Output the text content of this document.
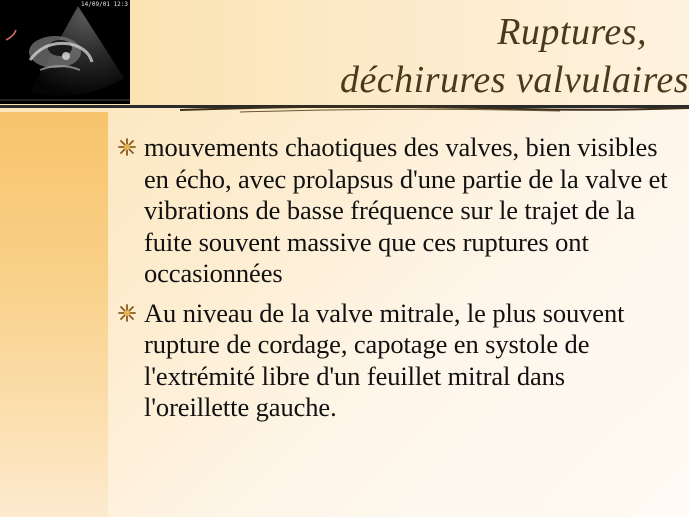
14/09/01 12:3
Ruptures,
déchirures valvulaires
mouvements chaotiques des valves, bien visibles en écho, avec prolapsus d'une partie de la valve et vibrations de basse fréquence sur le trajet de la fuite souvent massive que ces ruptures ont occasionnées
Au niveau de la valve mitrale, le plus souvent rupture de cordage, capotage en systole de l'extrémité libre d'un feuillet mitral dans l'oreillette gauche.
